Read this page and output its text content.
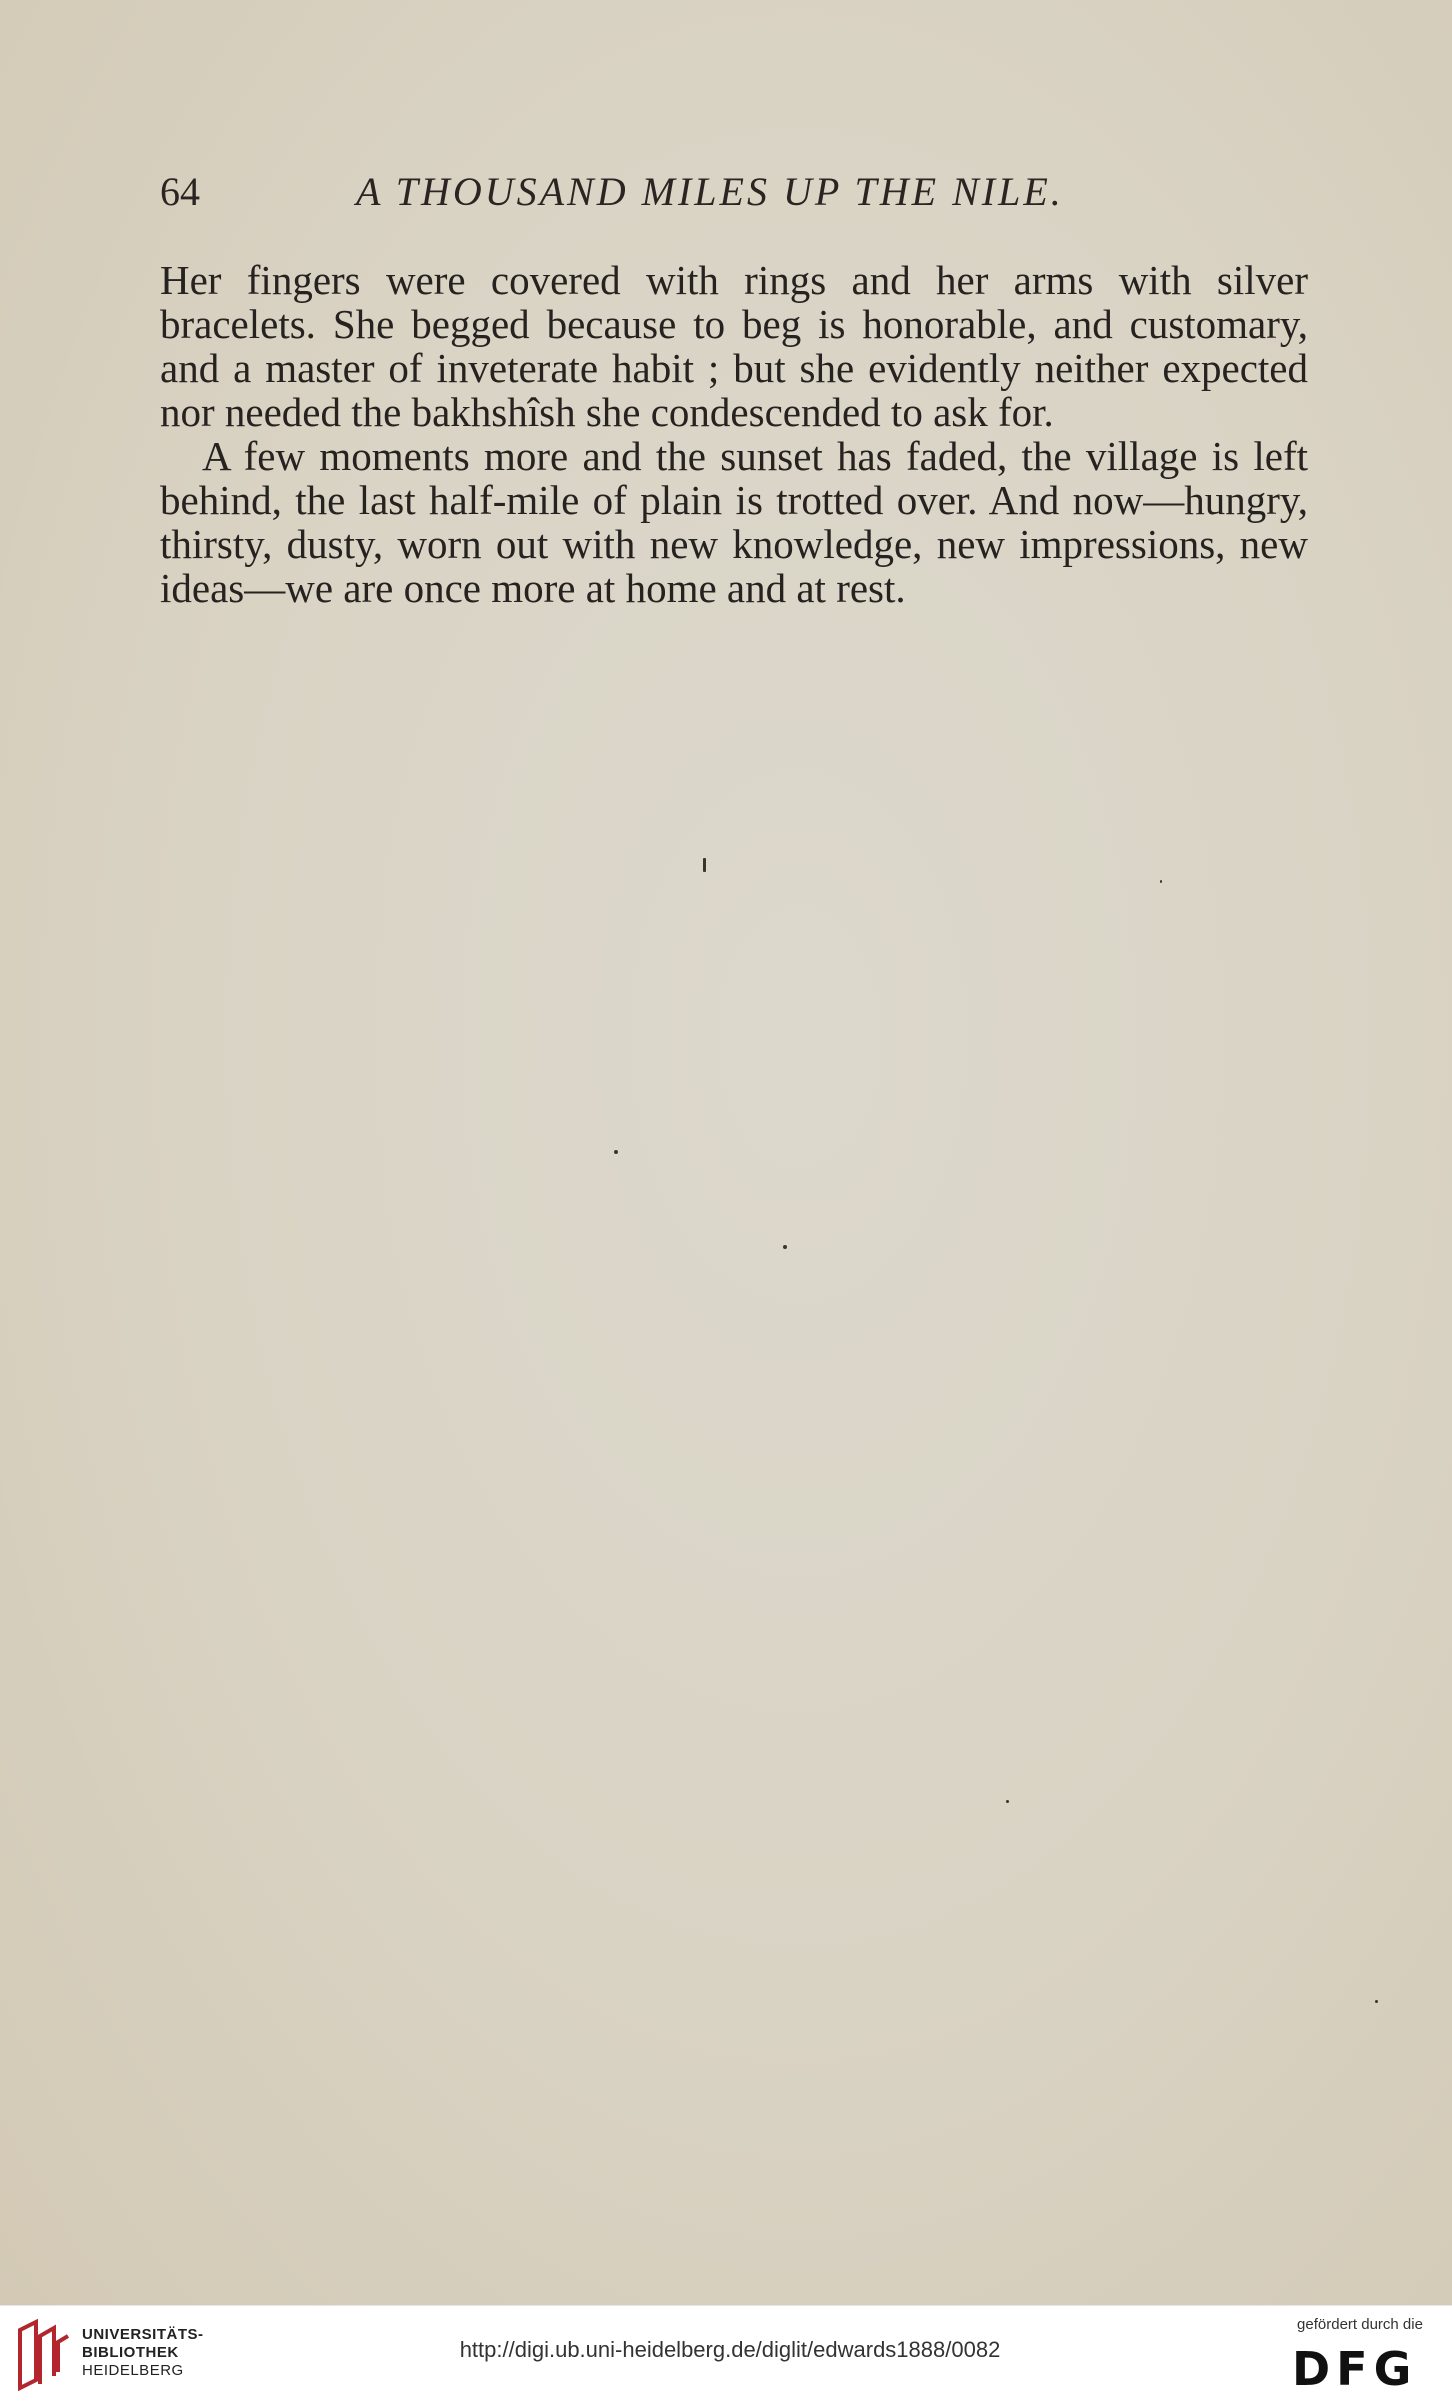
64	A THOUSAND MILES UP THE NILE.

Her fingers were covered with rings and her arms with silver bracelets. She begged because to beg is honorable, and customary, and a master of inveterate habit ; but she evidently neither expected nor needed the bakhshîsh she condescended to ask for.

A few moments more and the sunset has faded, the village is left behind, the last half-mile of plain is trotted over. And now—hungry, thirsty, dusty, worn out with new knowledge, new impressions, new ideas—we are once more at home and at rest.

UNIVERSITÄTS-
BIBLIOTHEK
HEIDELBERG
http://digi.ub.uni-heidelberg.de/diglit/edwards1888/0082
gefördert durch die
DFG
